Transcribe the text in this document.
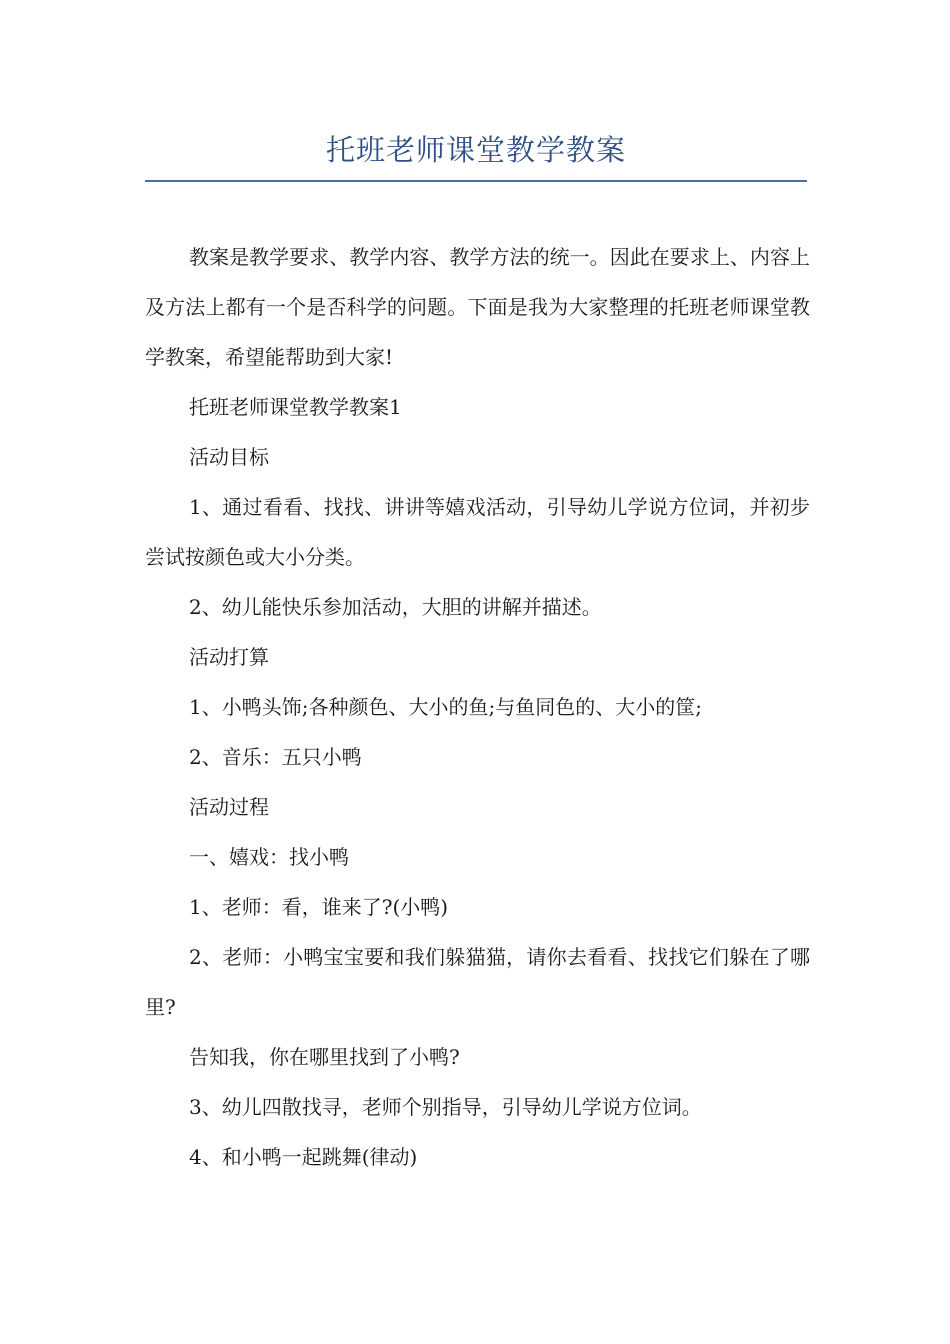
托班老师课堂教学教案

教案是教学要求、教学内容、教学方法的统一。因此在要求上、内容上及方法上都有一个是否科学的问题。下面是我为大家整理的托班老师课堂教学教案，希望能帮助到大家!

托班老师课堂教学教案1

活动目标

1、通过看看、找找、讲讲等嬉戏活动，引导幼儿学说方位词，并初步尝试按颜色或大小分类。

2、幼儿能快乐参加活动，大胆的讲解并描述。

活动打算

1、小鸭头饰;各种颜色、大小的鱼;与鱼同色的、大小的筐;

2、音乐：五只小鸭

活动过程

一、嬉戏：找小鸭

1、老师：看，谁来了?(小鸭)

2、老师：小鸭宝宝要和我们躲猫猫，请你去看看、找找它们躲在了哪里?

告知我，你在哪里找到了小鸭?

3、幼儿四散找寻，老师个别指导，引导幼儿学说方位词。

4、和小鸭一起跳舞(律动)
